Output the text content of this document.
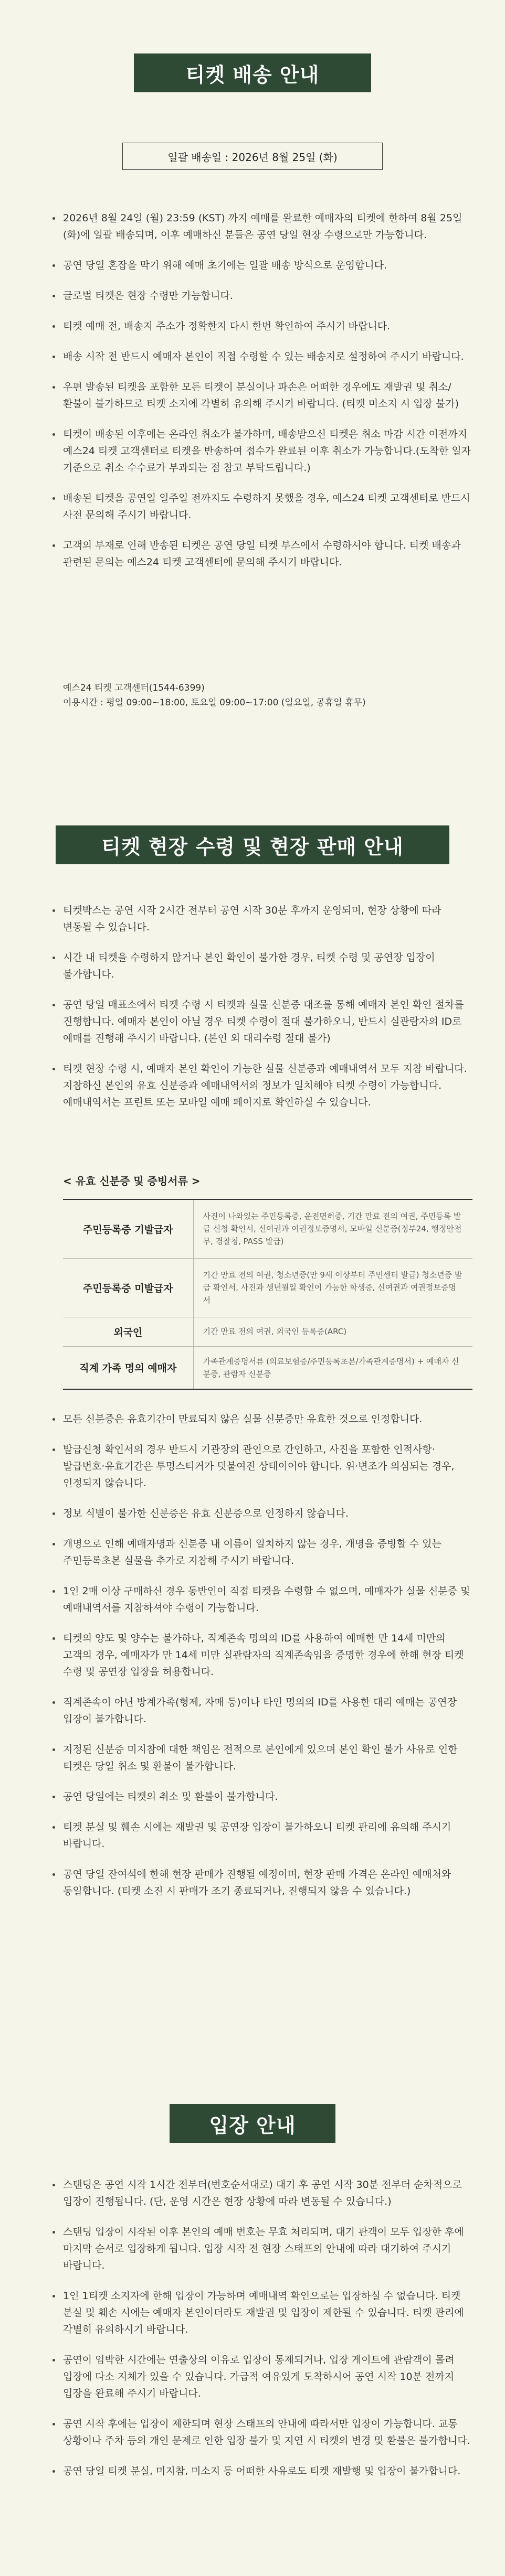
티켓 배송 안내
일괄 배송일 : 2026년 8월 25일 (화)
2026년 8월 24일 (월) 23:59 (KST) 까지 예매를 완료한 예매자의 티켓에 한하여 8월 25일 (화)에 일괄 배송되며, 이후 예매하신 분들은 공연 당일 현장 수령으로만 가능합니다.
공연 당일 혼잡을 막기 위해 예매 초기에는 일괄 배송 방식으로 운영합니다.
글로벌 티켓은 현장 수령만 가능합니다.
티켓 예매 전, 배송지 주소가 정확한지 다시 한번 확인하여 주시기 바랍니다.
배송 시작 전 반드시 예매자 본인이 직접 수령할 수 있는 배송지로 설정하여 주시기 바랍니다.
우편 발송된 티켓을 포함한 모든 티켓이 분실이나 파손은 어떠한 경우에도 재발권 및 취소/환불이 불가하므로 티켓 소지에 각별히 유의해 주시기 바랍니다. (티켓 미소지 시 입장 불가)
티켓이 배송된 이후에는 온라인 취소가 불가하며, 배송받으신 티켓은 취소 마감 시간 이전까지 예스24 티켓 고객센터로 티켓을 반송하여 접수가 완료된 이후 취소가 가능합니다.(도착한 일자 기준으로 취소 수수료가 부과되는 점 참고 부탁드립니다.)
배송된 티켓을 공연일 일주일 전까지도 수령하지 못했을 경우, 예스24 티켓 고객센터로 반드시 사전 문의해 주시기 바랍니다.
고객의 부재로 인해 반송된 티켓은 공연 당일 티켓 부스에서 수령하셔야 합니다. 티켓 배송과 관련된 문의는 예스24 티켓 고객센터에 문의해 주시기 바랍니다.
예스24 티켓 고객센터(1544-6399)
이용시간 : 평일 09:00~18:00, 토요일 09:00~17:00 (일요일, 공휴일 휴무)
티켓 현장 수령 및 현장 판매 안내
티켓박스는 공연 시작 2시간 전부터 공연 시작 30분 후까지 운영되며, 현장 상황에 따라 변동될 수 있습니다.
시간 내 티켓을 수령하지 않거나 본인 확인이 불가한 경우, 티켓 수령 및 공연장 입장이 불가합니다.
공연 당일 매표소에서 티켓 수령 시 티켓과 실물 신분증 대조를 통해 예매자 본인 확인 절차를 진행합니다. 예매자 본인이 아닐 경우 티켓 수령이 절대 불가하오니, 반드시 실관람자의 ID로 예매를 진행해 주시기 바랍니다. (본인 외 대리수령 절대 불가)
티켓 현장 수령 시, 예매자 본인 확인이 가능한 실물 신분증과 예매내역서 모두 지참 바랍니다. 지참하신 본인의 유효 신분증과 예매내역서의 정보가 일치해야 티켓 수령이 가능합니다. 예매내역서는 프린트 또는 모바일 예매 페이지로 확인하실 수 있습니다.
< 유효 신분증 및 증빙서류 >
주민등록증 기발급자	사진이 나와있는 주민등록증, 운전면허증, 기간 만료 전의 여권, 주민등록 발급 신청 확인서, 신여권과 여권정보증명서, 모바일 신분증(정부24, 행정안전부, 경찰청, PASS 발급)
주민등록증 미발급자	기간 만료 전의 여권, 청소년증(만 9세 이상부터 주민센터 발급) 청소년증 발급 확인서, 사진과 생년월일 확인이 가능한 학생증, 신여권과 여권정보증명서
외국인	기간 만료 전의 여권, 외국인 등록증(ARC)
직계 가족 명의 예매자	가족관계증명서류 (의료보험증/주민등록초본/가족관계증명서) + 예매자 신분증, 관람자 신분증
모든 신분증은 유효기간이 만료되지 않은 실물 신분증만 유효한 것으로 인정합니다.
발급신청 확인서의 경우 반드시 기관장의 관인으로 간인하고, 사진을 포함한 인적사항·발급번호·유효기간은 투명스티커가 덧붙여진 상태이어야 합니다. 위·변조가 의심되는 경우, 인정되지 않습니다.
정보 식별이 불가한 신분증은 유효 신분증으로 인정하지 않습니다.
개명으로 인해 예매자명과 신분증 내 이름이 일치하지 않는 경우, 개명을 증빙할 수 있는 주민등록초본 실물을 추가로 지참해 주시기 바랍니다.
1인 2매 이상 구매하신 경우 동반인이 직접 티켓을 수령할 수 없으며, 예매자가 실물 신분증 및 예매내역서를 지참하셔야 수령이 가능합니다.
티켓의 양도 및 양수는 불가하나, 직계존속 명의의 ID를 사용하여 예매한 만 14세 미만의 고객의 경우, 예매자가 만 14세 미만 실관람자의 직계존속임을 증명한 경우에 한해 현장 티켓 수령 및 공연장 입장을 허용합니다.
직계존속이 아닌 방계가족(형제, 자매 등)이나 타인 명의의 ID를 사용한 대리 예매는 공연장 입장이 불가합니다.
지정된 신분증 미지참에 대한 책임은 전적으로 본인에게 있으며 본인 확인 불가 사유로 인한 티켓은 당일 취소 및 환불이 불가합니다.
공연 당일에는 티켓의 취소 및 환불이 불가합니다.
티켓 분실 및 훼손 시에는 재발권 및 공연장 입장이 불가하오니 티켓 관리에 유의해 주시기 바랍니다.
공연 당일 잔여석에 한해 현장 판매가 진행될 예정이며, 현장 판매 가격은 온라인 예매처와 동일합니다. (티켓 소진 시 판매가 조기 종료되거나, 진행되지 않을 수 있습니다.)
입장 안내
스탠딩은 공연 시작 1시간 전부터(번호순서대로) 대기 후 공연 시작 30분 전부터 순차적으로 입장이 진행됩니다. (단, 운영 시간은 현장 상황에 따라 변동될 수 있습니다.)
스탠딩 입장이 시작된 이후 본인의 예매 번호는 무효 처리되며, 대기 관객이 모두 입장한 후에 마지막 순서로 입장하게 됩니다. 입장 시작 전 현장 스태프의 안내에 따라 대기하여 주시기 바랍니다.
1인 1티켓 소지자에 한해 입장이 가능하며 예매내역 확인으로는 입장하실 수 없습니다. 티켓 분실 및 훼손 시에는 예매자 본인이더라도 재발권 및 입장이 제한될 수 있습니다. 티켓 관리에 각별히 유의하시기 바랍니다.
공연이 임박한 시간에는 연출상의 이유로 입장이 통제되거나, 입장 게이트에 관람객이 몰려 입장에 다소 지체가 있을 수 있습니다. 가급적 여유있게 도착하시어 공연 시작 10분 전까지 입장을 완료해 주시기 바랍니다.
공연 시작 후에는 입장이 제한되며 현장 스태프의 안내에 따라서만 입장이 가능합니다. 교통 상황이나 주차 등의 개인 문제로 인한 입장 불가 및 지연 시 티켓의 변경 및 환불은 불가합니다.
공연 당일 티켓 분실, 미지참, 미소지 등 어떠한 사유로도 티켓 재발행 및 입장이 불가합니다.
